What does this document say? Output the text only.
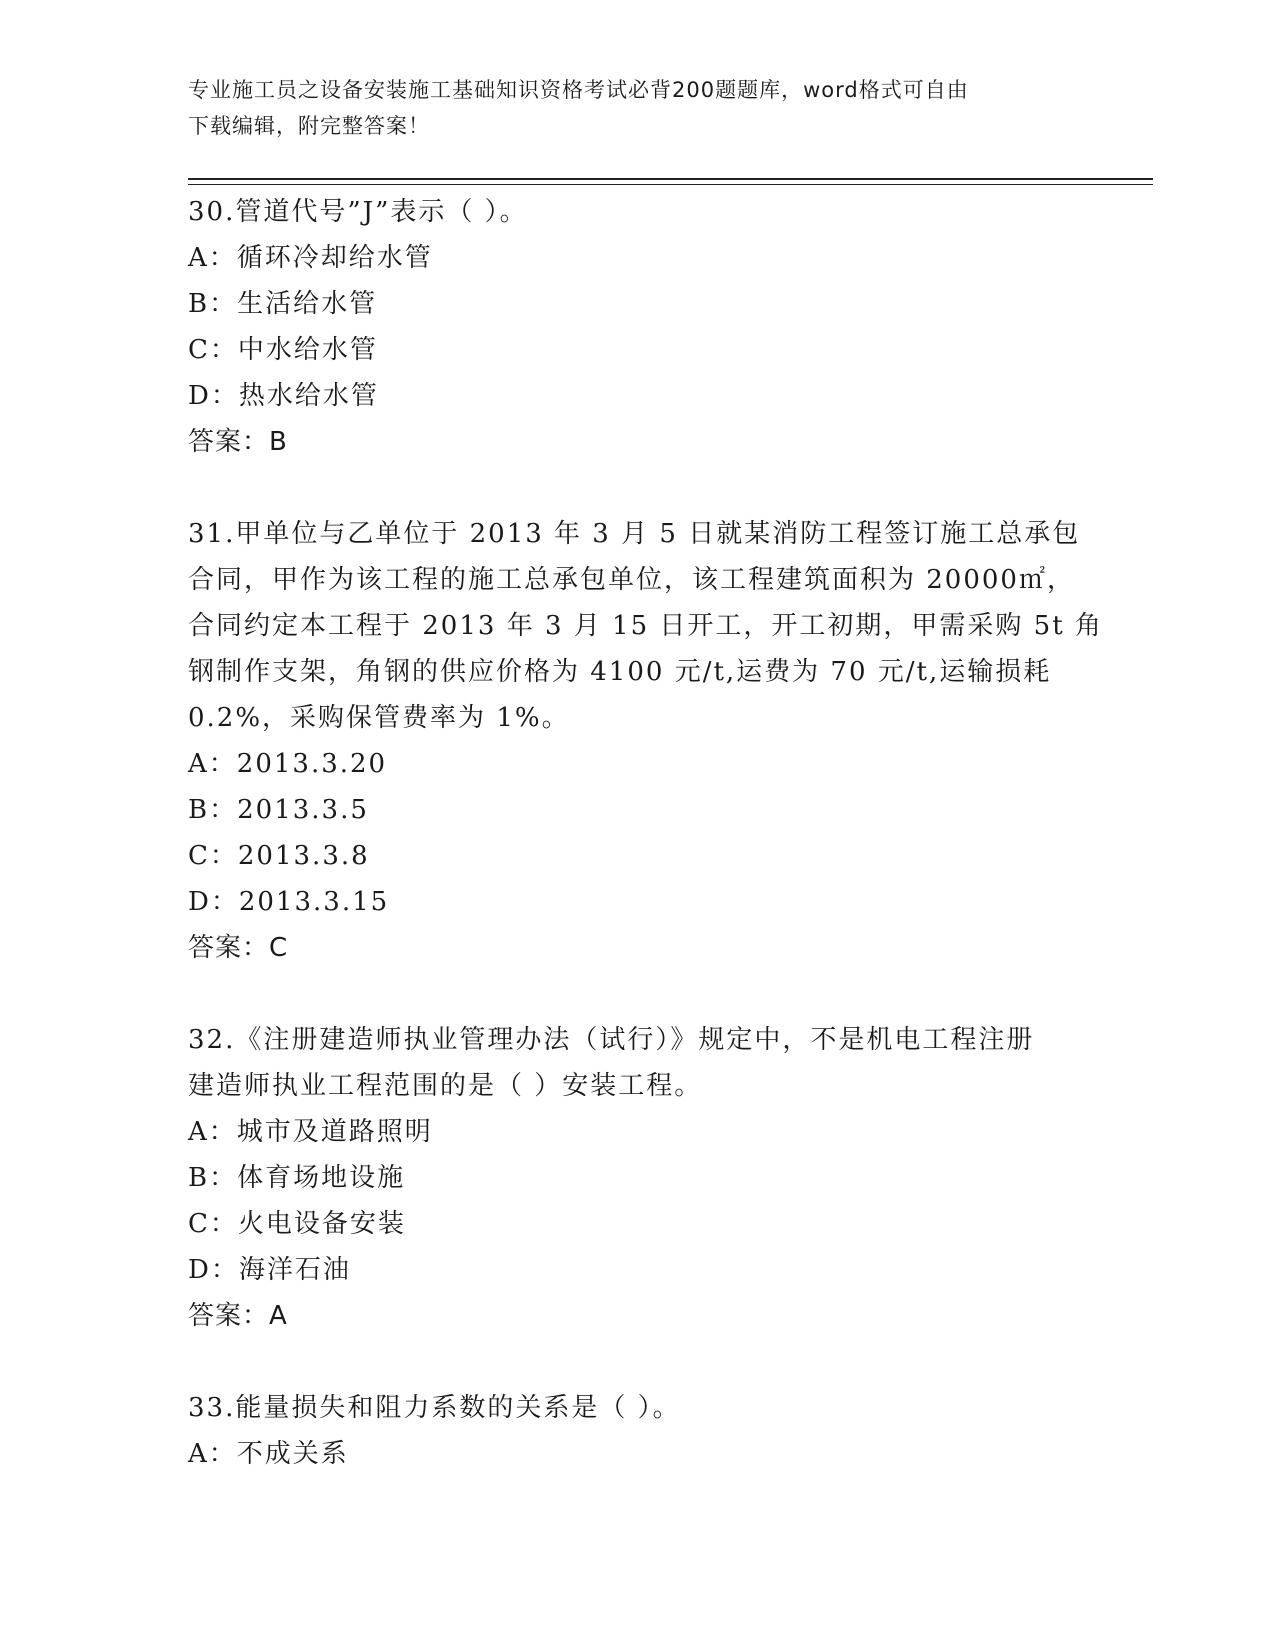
专业施工员之设备安装施工基础知识资格考试必背200题题库，word格式可自由
下载编辑，附完整答案！
30.管道代号”J”表示（ ）。
A：循环冷却给水管
B：生活给水管
C：中水给水管
D：热水给水管
答案：B
31.甲单位与乙单位于 2013 年 3 月 5 日就某消防工程签订施工总承包
合同，甲作为该工程的施工总承包单位，该工程建筑面积为 20000㎡，
合同约定本工程于 2013 年 3 月 15 日开工，开工初期，甲需采购 5t 角
钢制作支架，角钢的供应价格为 4100 元/t,运费为 70 元/t,运输损耗
0.2%，采购保管费率为 1%。
A：2013.3.20
B：2013.3.5
C：2013.3.8
D：2013.3.15
答案：C
32.《注册建造师执业管理办法（试行）》规定中，不是机电工程注册
建造师执业工程范围的是（ ）安装工程。
A：城市及道路照明
B：体育场地设施
C：火电设备安装
D：海洋石油
答案：A
33.能量损失和阻力系数的关系是（ ）。
A：不成关系
